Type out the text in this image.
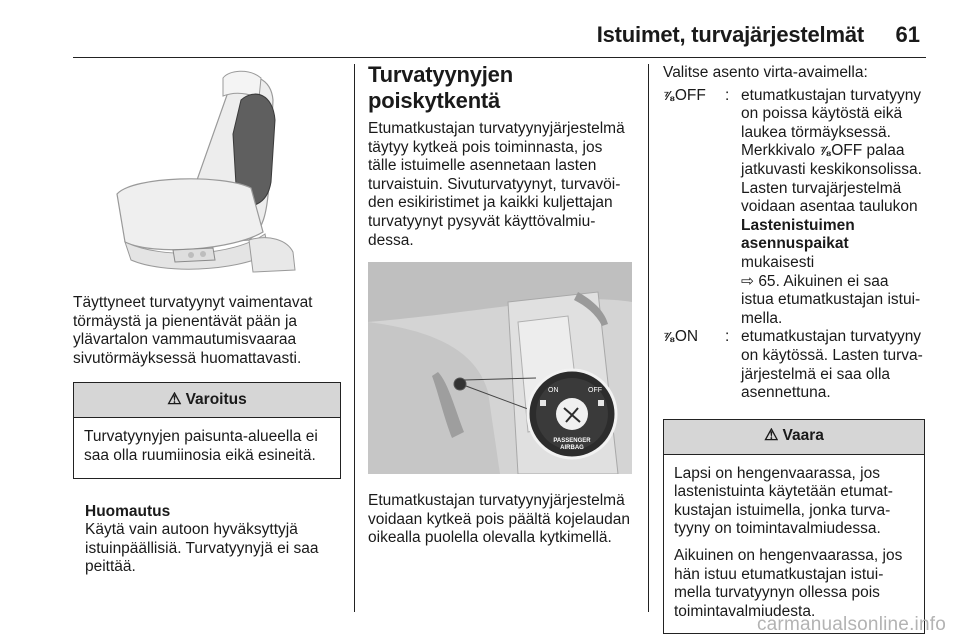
Istuimet, turvajärjestelmät 61
Täyttyneet turvatyynyt vaimentavat törmäystä ja pienentävät pään ja ylävartalon vammautumisvaaraa sivutörmäyksessä huomattavasti.
⚠ Varoitus

Turvatyynyjen paisunta-alueella ei saa olla ruumiinosia eikä esineitä.

Huomautus
Käytä vain autoon hyväksyttyjä istuinpäällisiä. Turvatyynyjä ei saa peittää.
Turvatyynyjen poiskytkentä
Etumatkustajan turvatyynyjärjestelmä täytyy kytkeä pois toiminnasta, jos tälle istuimelle asennetaan lasten turvaistuin. Sivuturvatyynyt, turvavöiden esikiristimet ja kaikki kuljettajan turvatyynyt pysyvät käyttövalmiudessa.
ON	OFF
PASSENGER
AIRBAG
Etumatkustajan turvatyynyjärjestelmä voidaan kytkeä pois päältä kojelaudan oikealla puolella olevalla kytkimellä.
Valitse asento virta-avaimella:
⅞OFF	: etumatkustajan turvatyyny on poissa käytöstä eikä laukea törmäyksessä. Merkkivalo ⅞OFF palaa jatkuvasti keskikonsolissa. Lasten turvajärjestelmä voidaan asentaa taulukon Lastenistuimen asennuspaikat mukaisesti
⇨ 65. Aikuinen ei saa istua etumatkustajan istuimella.
⅞ON	: etumatkustajan turvatyyny on käytössä. Lasten turvajärjestelmä ei saa olla asennettuna.
⚠ Vaara

Lapsi on hengenvaarassa, jos lastenistuinta käytetään etumatkustajan istuimella, jonka turvatyyny on toimintavalmiudessa.

Aikuinen on hengenvaarassa, jos hän istuu etumatkustajan istuimella turvatyynyn ollessa pois toimintavalmiudesta.

carmanualsonline.info
